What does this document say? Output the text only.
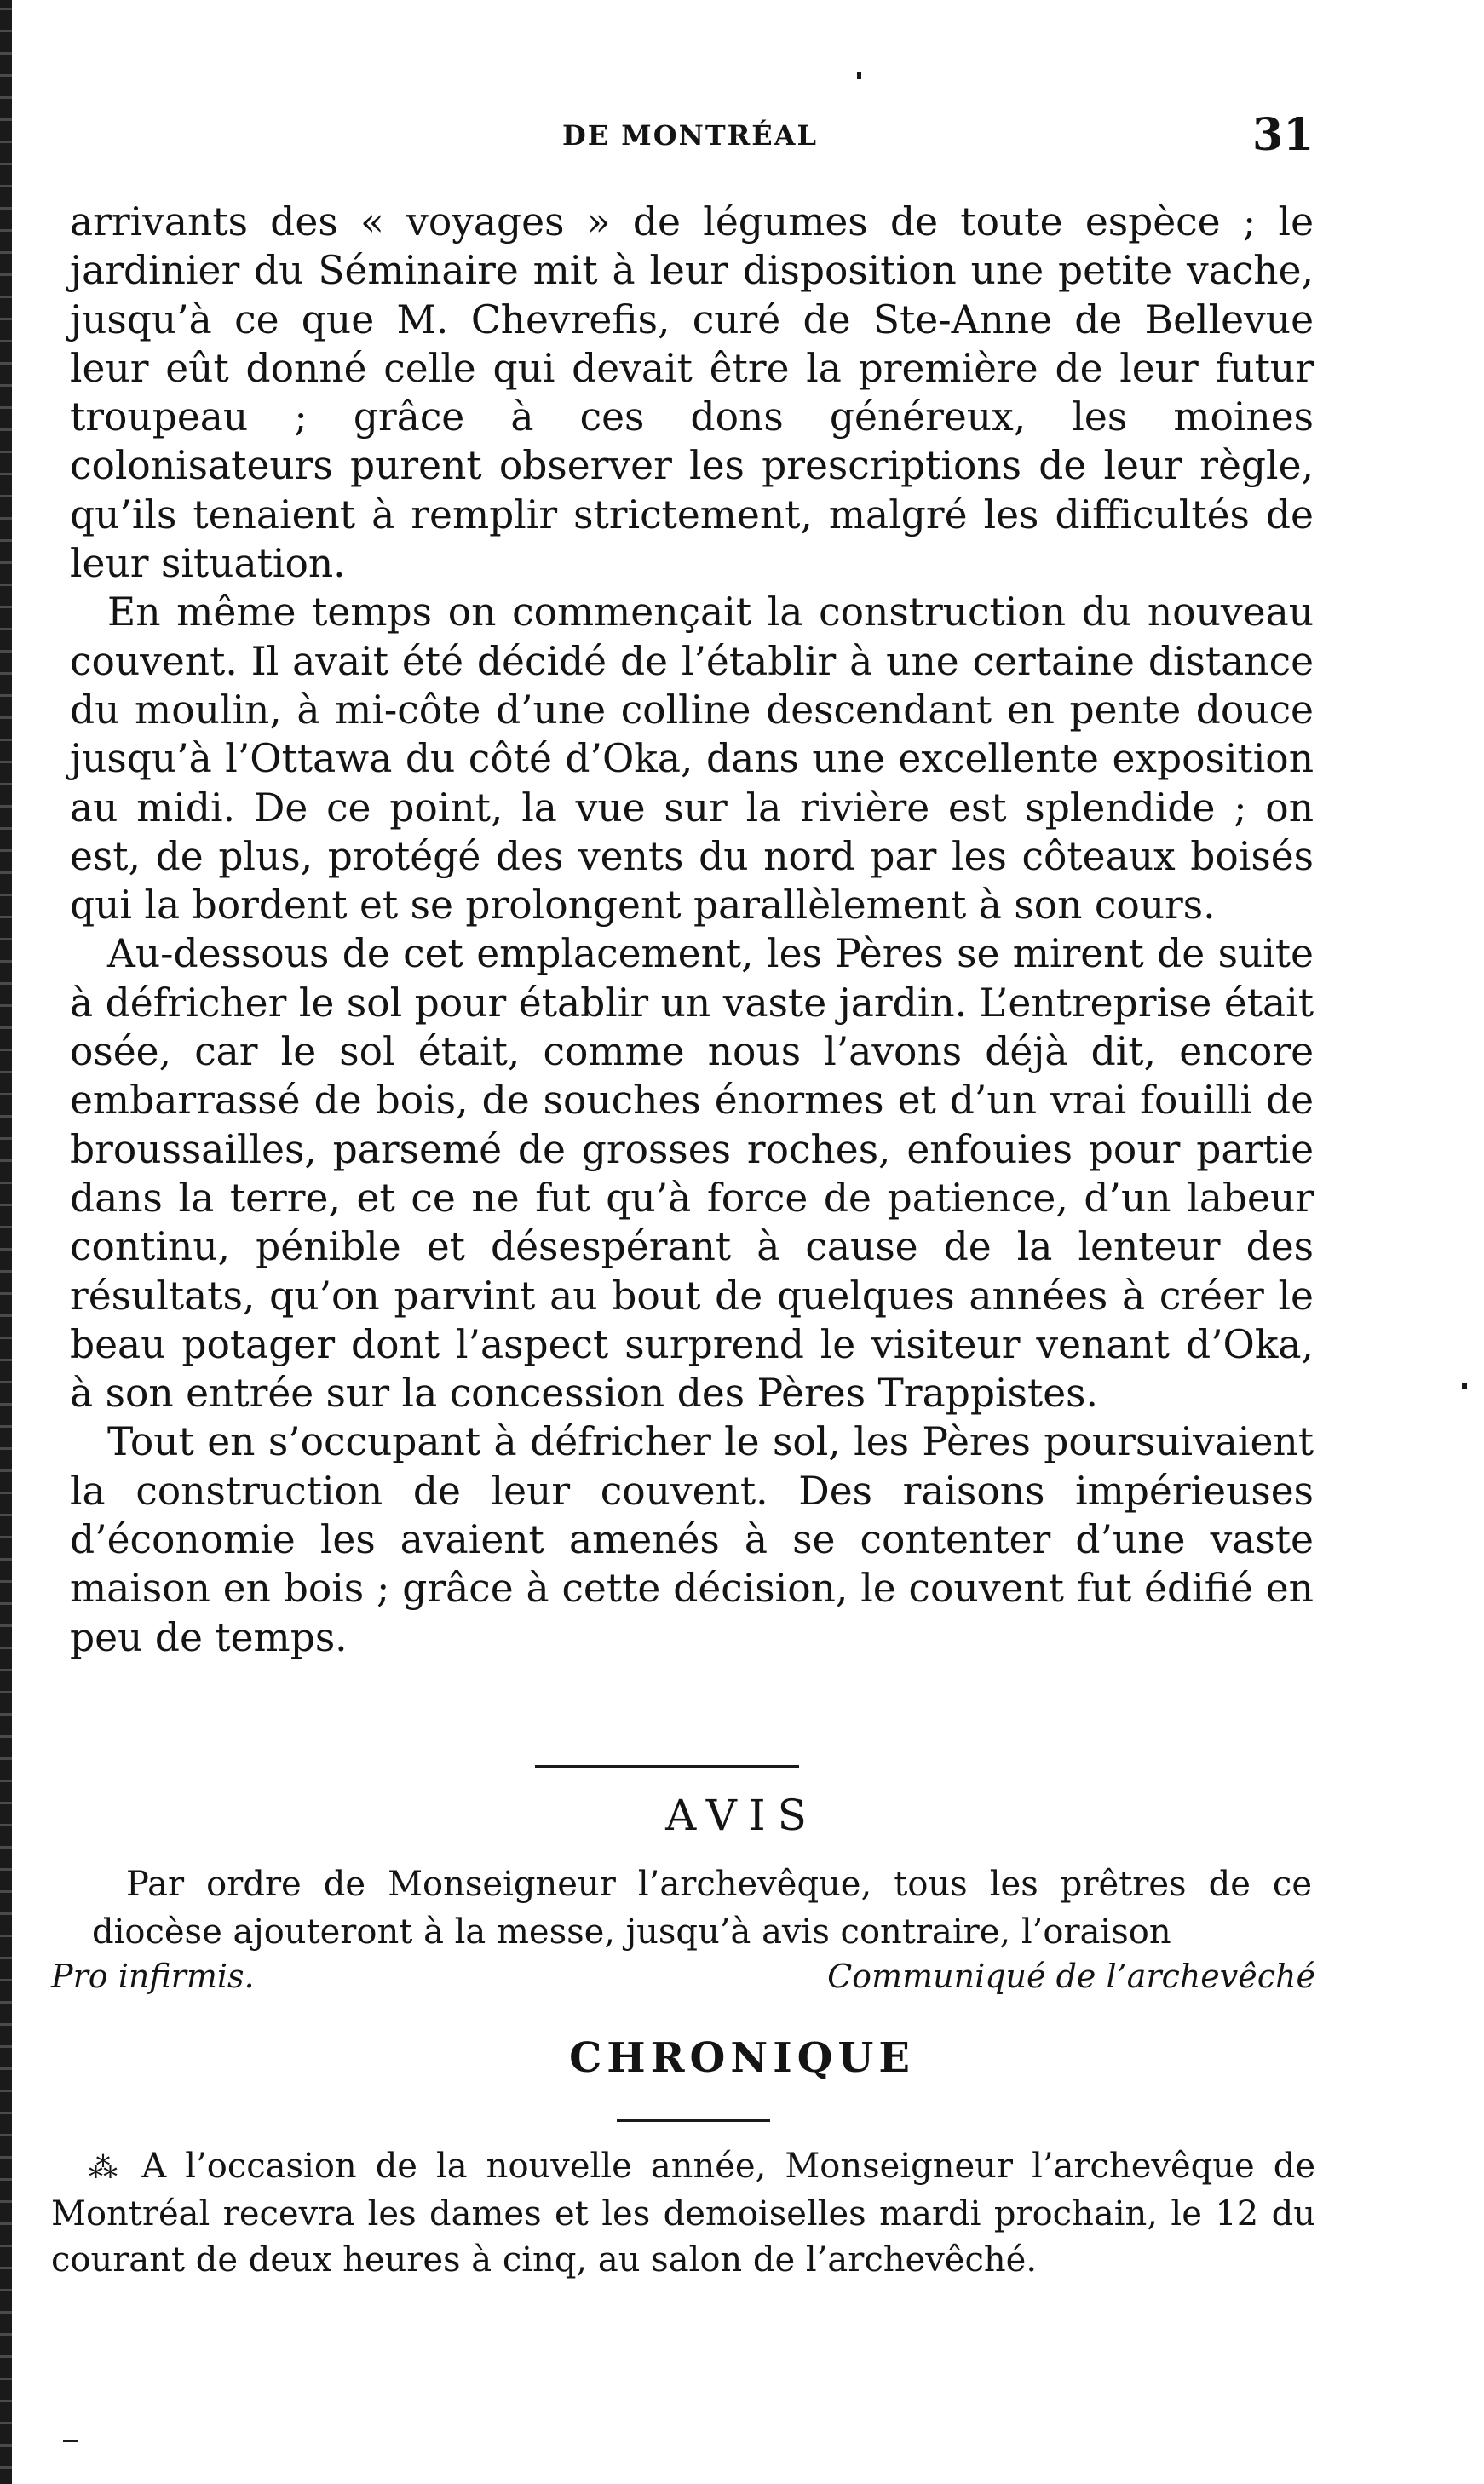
DE MONTRÉAL	31

arrivants des « voyages » de légumes de toute espèce ; le jardinier du Séminaire mit à leur disposition une petite vache, jusqu’à ce que M. Chevrefis, curé de Ste-Anne de Bellevue leur eût donné celle qui devait être la première de leur futur troupeau ; grâce à ces dons généreux, les moines colonisateurs purent observer les prescriptions de leur règle, qu’ils tenaient à remplir strictement, malgré les difficultés de leur situation.

En même temps on commençait la construction du nouveau couvent. Il avait été décidé de l’établir à une certaine distance du moulin, à mi-côte d’une colline descendant en pente douce jusqu’à l’Ottawa du côté d’Oka, dans une excellente exposition au midi. De ce point, la vue sur la rivière est splendide ; on est, de plus, protégé des vents du nord par les côteaux boisés qui la bordent et se prolongent parallèlement à son cours.

Au-dessous de cet emplacement, les Pères se mirent de suite à défricher le sol pour établir un vaste jardin. L’entreprise était osée, car le sol était, comme nous l’avons déjà dit, encore embarrassé de bois, de souches énormes et d’un vrai fouilli de broussailles, parsemé de grosses roches, enfouies pour partie dans la terre, et ce ne fut qu’à force de patience, d’un labeur continu, pénible et désespérant à cause de la lenteur des résultats, qu’on parvint au bout de quelques années à créer le beau potager dont l’aspect surprend le visiteur venant d’Oka, à son entrée sur la concession des Pères Trappistes.

Tout en s’occupant à défricher le sol, les Pères poursuivaient la construction de leur couvent. Des raisons impérieuses d’économie les avaient amenés à se contenter d’une vaste maison en bois ; grâce à cette décision, le couvent fut édifié en peu de temps.

AVIS

Par ordre de Monseigneur l’archevêque, tous les prêtres de ce diocèse ajouteront à la messe, jusqu’à avis contraire, l’oraison

Pro infirmis.	Communiqué de l’archevêché
CHRONIQUE

⁂ A l’occasion de la nouvelle année, Monseigneur l’archevêque de Montréal recevra les dames et les demoiselles mardi prochain, le 12 du courant de deux heures à cinq, au salon de l’archevêché.
